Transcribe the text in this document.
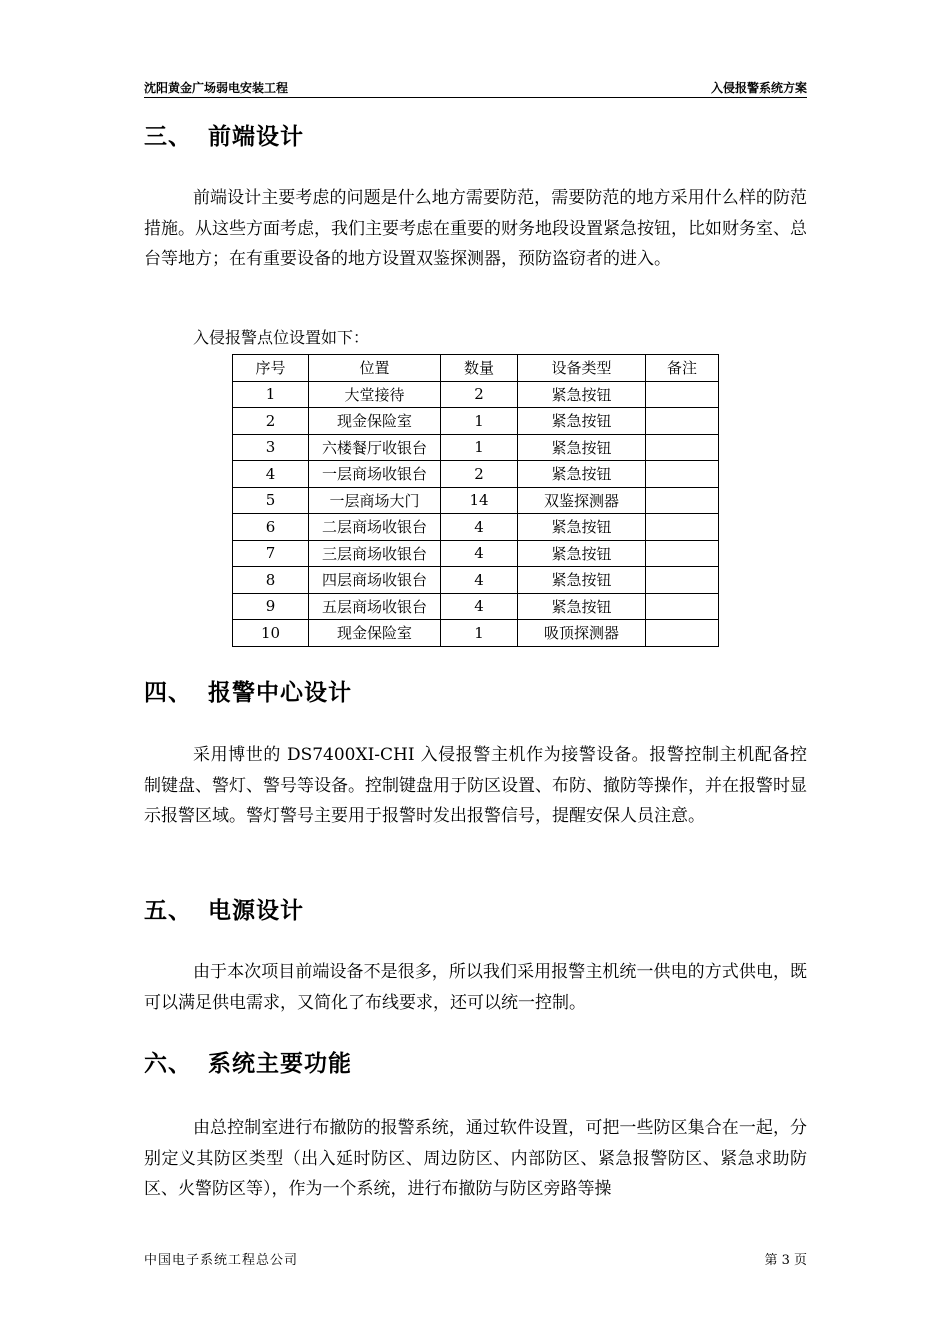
沈阳黄金广场弱电安装工程	入侵报警系统方案
三、 前端设计
前端设计主要考虑的问题是什么地方需要防范，需要防范的地方采用什么样的防范措施。从这些方面考虑，我们主要考虑在重要的财务地段设置紧急按钮，比如财务室、总台等地方；在有重要设备的地方设置双鉴探测器，预防盗窃者的进入。
入侵报警点位设置如下：
序号	位置	数量	设备类型	备注
1	大堂接待	2	紧急按钮	
2	现金保险室	1	紧急按钮	
3	六楼餐厅收银台	1	紧急按钮	
4	一层商场收银台	2	紧急按钮	
5	一层商场大门	14	双鉴探测器	
6	二层商场收银台	4	紧急按钮	
7	三层商场收银台	4	紧急按钮	
8	四层商场收银台	4	紧急按钮	
9	五层商场收银台	4	紧急按钮	
10	现金保险室	1	吸顶探测器	
四、 报警中心设计
采用博世的 DS7400XI-CHI 入侵报警主机作为接警设备。报警控制主机配备控制键盘、警灯、警号等设备。控制键盘用于防区设置、布防、撤防等操作，并在报警时显示报警区域。警灯警号主要用于报警时发出报警信号，提醒安保人员注意。
五、 电源设计
由于本次项目前端设备不是很多，所以我们采用报警主机统一供电的方式供电，既可以满足供电需求，又简化了布线要求，还可以统一控制。
六、 系统主要功能
由总控制室进行布撤防的报警系统，通过软件设置，可把一些防区集合在一起，分别定义其防区类型（出入延时防区、周边防区、内部防区、紧急报警防区、紧急求助防区、火警防区等），作为一个系统，进行布撤防与防区旁路等操
中国电子系统工程总公司	第 3 页
